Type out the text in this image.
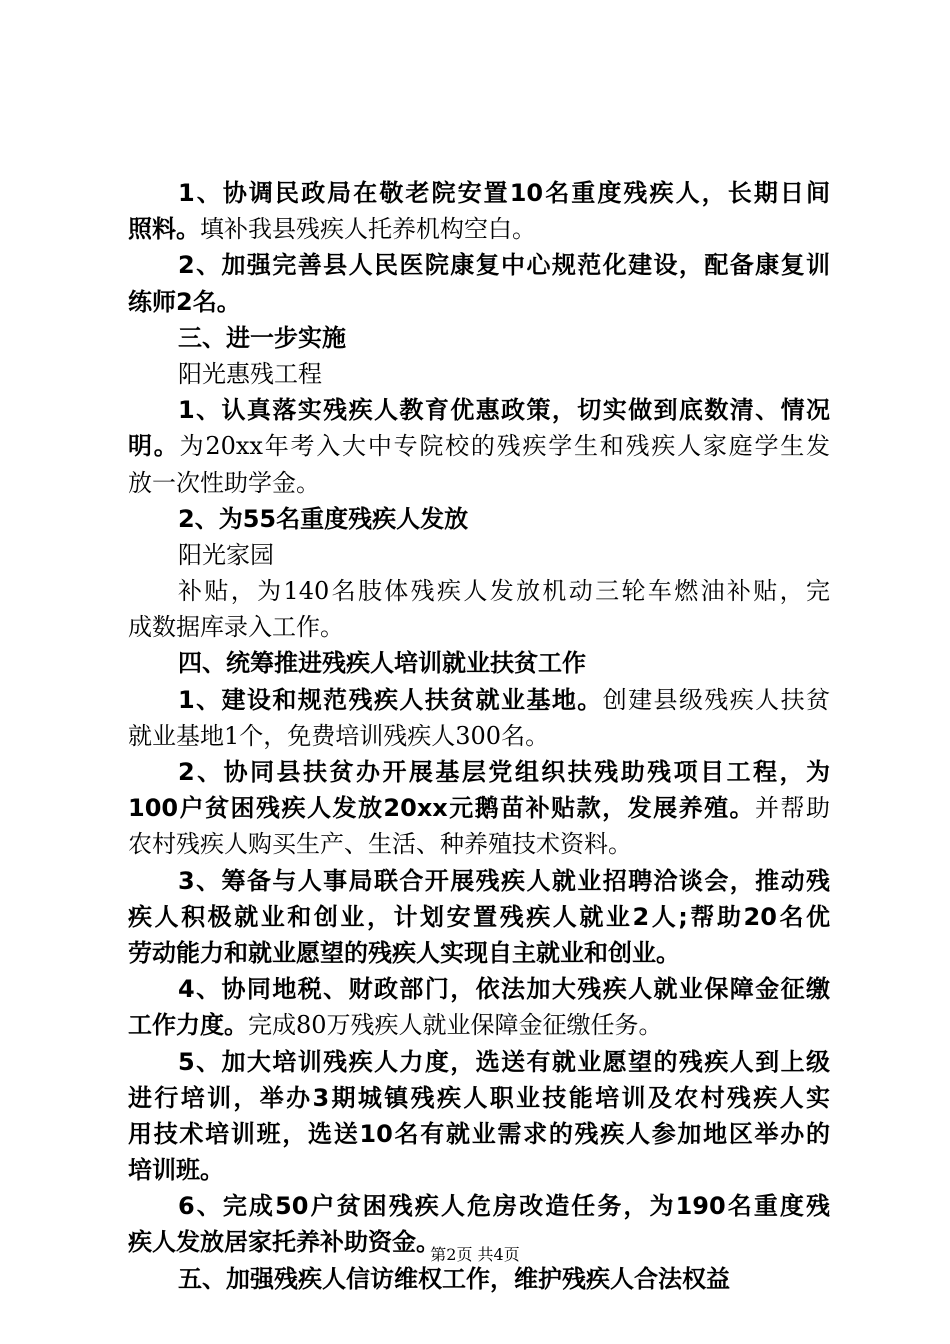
1、协调民政局在敬老院安置10名重度残疾人，长期日间
照料。填补我县残疾人托养机构空白。
2、加强完善县人民医院康复中心规范化建设，配备康复训
练师2名。
三、进一步实施
阳光惠残工程
1、认真落实残疾人教育优惠政策，切实做到底数清、情况
明。为20xx年考入大中专院校的残疾学生和残疾人家庭学生发
放一次性助学金。
2、为55名重度残疾人发放
阳光家园
补贴，为140名肢体残疾人发放机动三轮车燃油补贴，完
成数据库录入工作。
四、统筹推进残疾人培训就业扶贫工作
1、建设和规范残疾人扶贫就业基地。创建县级残疾人扶贫
就业基地1个，免费培训残疾人300名。
2、协同县扶贫办开展基层党组织扶残助残项目工程，为
100户贫困残疾人发放20xx元鹅苗补贴款，发展养殖。并帮助
农村残疾人购买生产、生活、种养殖技术资料。
3、筹备与人事局联合开展残疾人就业招聘洽谈会，推动残
疾人积极就业和创业，计划安置残疾人就业2人;帮助20名优
劳动能力和就业愿望的残疾人实现自主就业和创业。
4、协同地税、财政部门，依法加大残疾人就业保障金征缴
工作力度。完成80万残疾人就业保障金征缴任务。
5、加大培训残疾人力度，选送有就业愿望的残疾人到上级
进行培训，举办3期城镇残疾人职业技能培训及农村残疾人实
用技术培训班，选送10名有就业需求的残疾人参加地区举办的
培训班。
6、完成50户贫困残疾人危房改造任务，为190名重度残
疾人发放居家托养补助资金。
五、加强残疾人信访维权工作，维护残疾人合法权益
第2页 共4页
